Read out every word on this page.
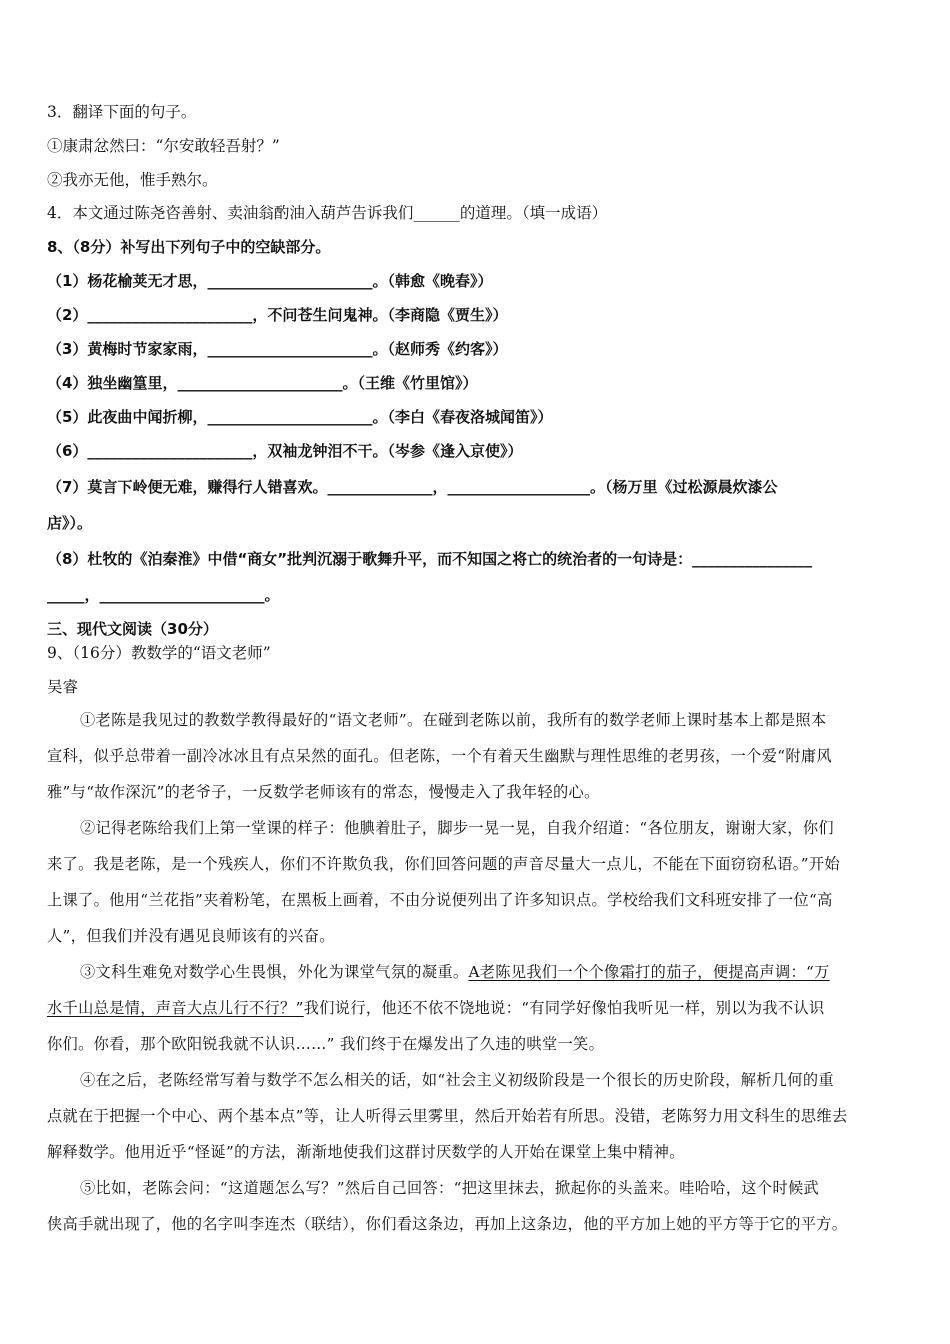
3．翻译下面的句子。
①康肃忿然曰：“尔安敢轻吾射？”
②我亦无他，惟手熟尔。
4．本文通过陈尧咨善射、卖油翁酌油入葫芦告诉我们______的道理。（填一成语）
8、（8分）补写出下列句子中的空缺部分。
（1）杨花榆荚无才思，______________________。（韩愈《晚春》）
（2）______________________，不问苍生问鬼神。（李商隐《贾生》）
（3）黄梅时节家家雨，______________________。（赵师秀《约客》）
（4）独坐幽篁里，______________________。（王维《竹里馆》）
（5）此夜曲中闻折柳，______________________。（李白《春夜洛城闻笛》）
（6）______________________，双袖龙钟泪不干。（岑参《逢入京使》）
（7）莫言下岭便无难，赚得行人错喜欢。______________，___________________。（杨万里《过松源晨炊漆公
店》）。
（8）杜牧的《泊秦淮》中借“商女”批判沉溺于歌舞升平，而不知国之将亡的统治者的一句诗是：________________
_____，______________________。
三、现代文阅读（30分）
9、（16分）教数学的“语文老师”
吴睿
①老陈是我见过的教数学教得最好的“语文老师”。在碰到老陈以前，我所有的数学老师上课时基本上都是照本
宣科，似乎总带着一副冷冰冰且有点呆然的面孔。但老陈，一个有着天生幽默与理性思维的老男孩，一个爱“附庸风
雅”与“故作深沉”的老爷子，一反数学老师该有的常态，慢慢走入了我年轻的心。
②记得老陈给我们上第一堂课的样子：他腆着肚子，脚步一晃一晃，自我介绍道：“各位朋友，谢谢大家，你们
来了。我是老陈，是一个残疾人，你们不许欺负我，你们回答问题的声音尽量大一点儿，不能在下面窃窃私语。”开始
上课了。他用“兰花指”夹着粉笔，在黑板上画着，不由分说便列出了许多知识点。学校给我们文科班安排了一位“高
人”，但我们并没有遇见良师该有的兴奋。
③文科生难免对数学心生畏惧，外化为课堂气氛的凝重。A老陈见我们一个个像霜打的茄子，便提高声调：“万
水千山总是情，声音大点儿行不行？”我们说行，他还不依不饶地说：“有同学好像怕我听见一样，别以为我不认识
你们。你看，那个欧阳锐我就不认识……” 我们终于在爆发出了久违的哄堂一笑。
④在之后，老陈经常写着与数学不怎么相关的话，如“社会主义初级阶段是一个很长的历史阶段，解析几何的重
点就在于把握一个中心、两个基本点”等，让人听得云里雾里，然后开始若有所思。没错，老陈努力用文科生的思维去
解释数学。他用近乎“怪诞”的方法，渐渐地使我们这群讨厌数学的人开始在课堂上集中精神。
⑤比如，老陈会问：“这道题怎么写？”然后自己回答：“把这里抹去，掀起你的头盖来。哇哈哈，这个时候武
侠高手就出现了，他的名字叫李连杰（联结），你们看这条边，再加上这条边，他的平方加上她的平方等于它的平方。
